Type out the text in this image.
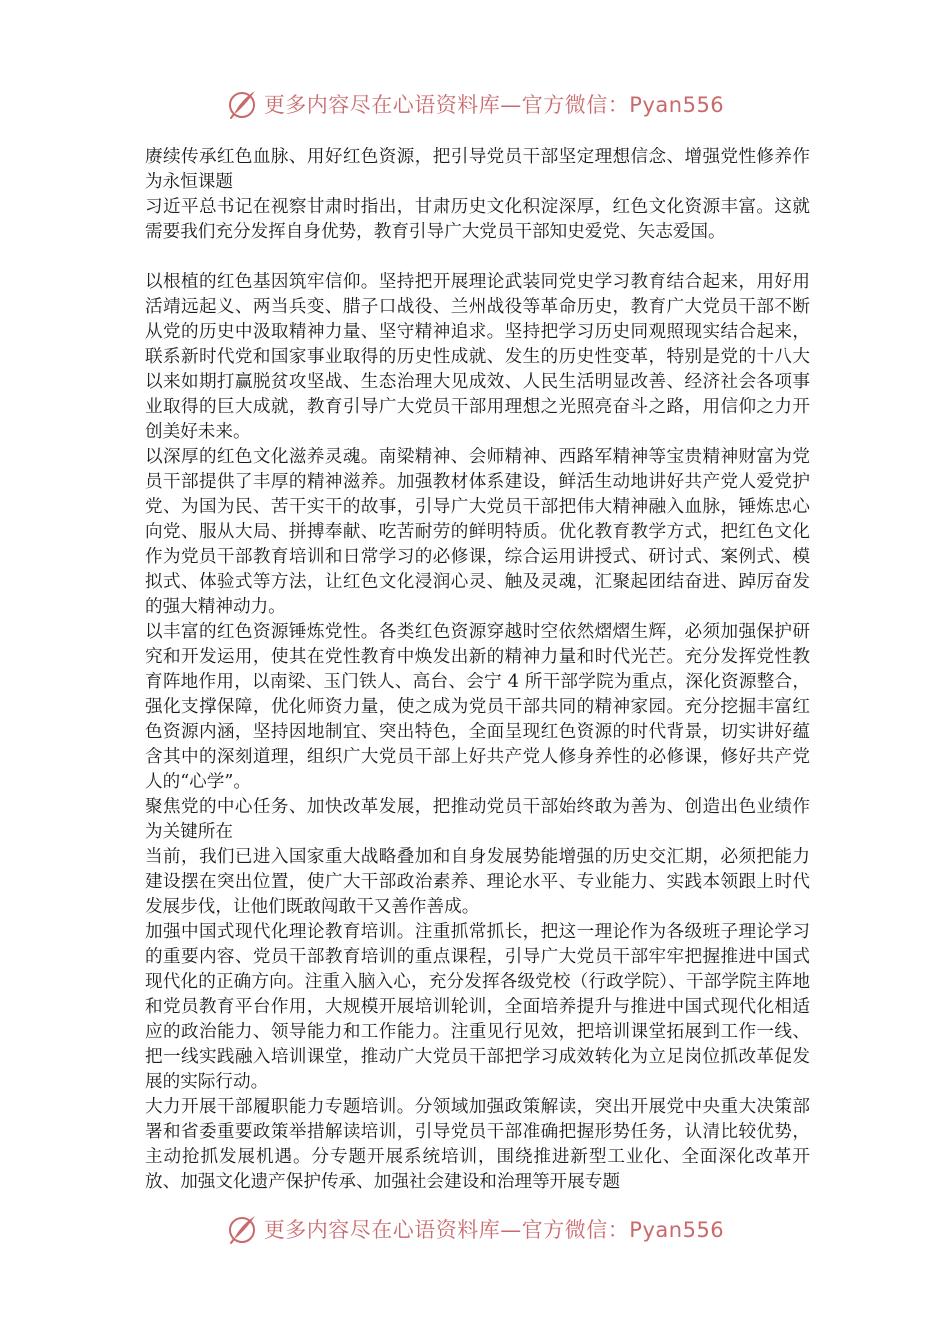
更多内容尽在心语资料库—官方微信：Pyan556

赓续传承红色血脉、用好红色资源，把引导党员干部坚定理想信念、增强党性修养作为永恒课题

习近平总书记在视察甘肃时指出，甘肃历史文化积淀深厚，红色文化资源丰富。这就需要我们充分发挥自身优势，教育引导广大党员干部知史爱党、矢志爱国。

以根植的红色基因筑牢信仰。坚持把开展理论武装同党史学习教育结合起来，用好用活靖远起义、两当兵变、腊子口战役、兰州战役等革命历史，教育广大党员干部不断从党的历史中汲取精神力量、坚守精神追求。坚持把学习历史同观照现实结合起来，联系新时代党和国家事业取得的历史性成就、发生的历史性变革，特别是党的十八大以来如期打赢脱贫攻坚战、生态治理大见成效、人民生活明显改善、经济社会各项事业取得的巨大成就，教育引导广大党员干部用理想之光照亮奋斗之路，用信仰之力开创美好未来。

以深厚的红色文化滋养灵魂。南梁精神、会师精神、西路军精神等宝贵精神财富为党员干部提供了丰厚的精神滋养。加强教材体系建设，鲜活生动地讲好共产党人爱党护党、为国为民、苦干实干的故事，引导广大党员干部把伟大精神融入血脉，锤炼忠心向党、服从大局、拼搏奉献、吃苦耐劳的鲜明特质。优化教育教学方式，把红色文化作为党员干部教育培训和日常学习的必修课，综合运用讲授式、研讨式、案例式、模拟式、体验式等方法，让红色文化浸润心灵、触及灵魂，汇聚起团结奋进、踔厉奋发的强大精神动力。

以丰富的红色资源锤炼党性。各类红色资源穿越时空依然熠熠生辉，必须加强保护研究和开发运用，使其在党性教育中焕发出新的精神力量和时代光芒。充分发挥党性教育阵地作用，以南梁、玉门铁人、高台、会宁 4 所干部学院为重点，深化资源整合，强化支撑保障，优化师资力量，使之成为党员干部共同的精神家园。充分挖掘丰富红色资源内涵，坚持因地制宜、突出特色，全面呈现红色资源的时代背景，切实讲好蕴含其中的深刻道理，组织广大党员干部上好共产党人修身养性的必修课，修好共产党人的“心学”。

聚焦党的中心任务、加快改革发展，把推动党员干部始终敢为善为、创造出色业绩作为关键所在

当前，我们已进入国家重大战略叠加和自身发展势能增强的历史交汇期，必须把能力建设摆在突出位置，使广大干部政治素养、理论水平、专业能力、实践本领跟上时代发展步伐，让他们既敢闯敢干又善作善成。

加强中国式现代化理论教育培训。注重抓常抓长，把这一理论作为各级班子理论学习的重要内容、党员干部教育培训的重点课程，引导广大党员干部牢牢把握推进中国式现代化的正确方向。注重入脑入心，充分发挥各级党校（行政学院）、干部学院主阵地和党员教育平台作用，大规模开展培训轮训，全面培养提升与推进中国式现代化相适应的政治能力、领导能力和工作能力。注重见行见效，把培训课堂拓展到工作一线、把一线实践融入培训课堂，推动广大党员干部把学习成效转化为立足岗位抓改革促发展的实际行动。

大力开展干部履职能力专题培训。分领域加强政策解读，突出开展党中央重大决策部署和省委重要政策举措解读培训，引导党员干部准确把握形势任务，认清比较优势，主动抢抓发展机遇。分专题开展系统培训，围绕推进新型工业化、全面深化改革开放、加强文化遗产保护传承、加强社会建设和治理等开展专题

更多内容尽在心语资料库—官方微信：Pyan556
